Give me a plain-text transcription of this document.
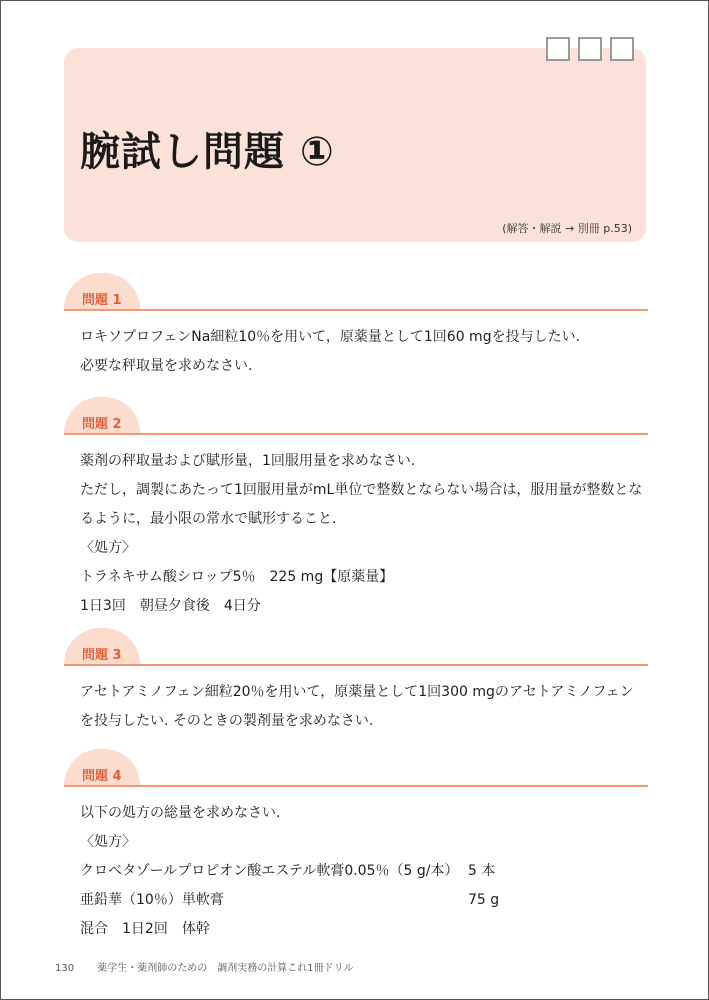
腕試し問題 ①
(解答・解説 → 別冊 p.53)
問題 1
ロキソプロフェンNa細粒10％を用いて，原薬量として1回60 mgを投与したい.
必要な秤取量を求めなさい.
問題 2
薬剤の秤取量および賦形量，1回服用量を求めなさい.
ただし，調製にあたって1回服用量がmL単位で整数とならない場合は，服用量が整数とな
るように，最小限の常水で賦形すること.
〈処方〉
トラネキサム酸シロップ5％　225 mg【原薬量】
1日3回　朝昼夕食後　4日分
問題 3
アセトアミノフェン細粒20％を用いて，原薬量として1回300 mgのアセトアミノフェン
を投与したい. そのときの製剤量を求めなさい.
問題 4
以下の処方の総量を求めなさい.
〈処方〉
クロベタゾールプロピオン酸エステル軟膏0.05％（5 g/本） 5 本
亜鉛華（10％）単軟膏	75 g
混合　1日2回　体幹
130 薬学生・薬剤師のための　調剤実務の計算これ1冊ドリル
